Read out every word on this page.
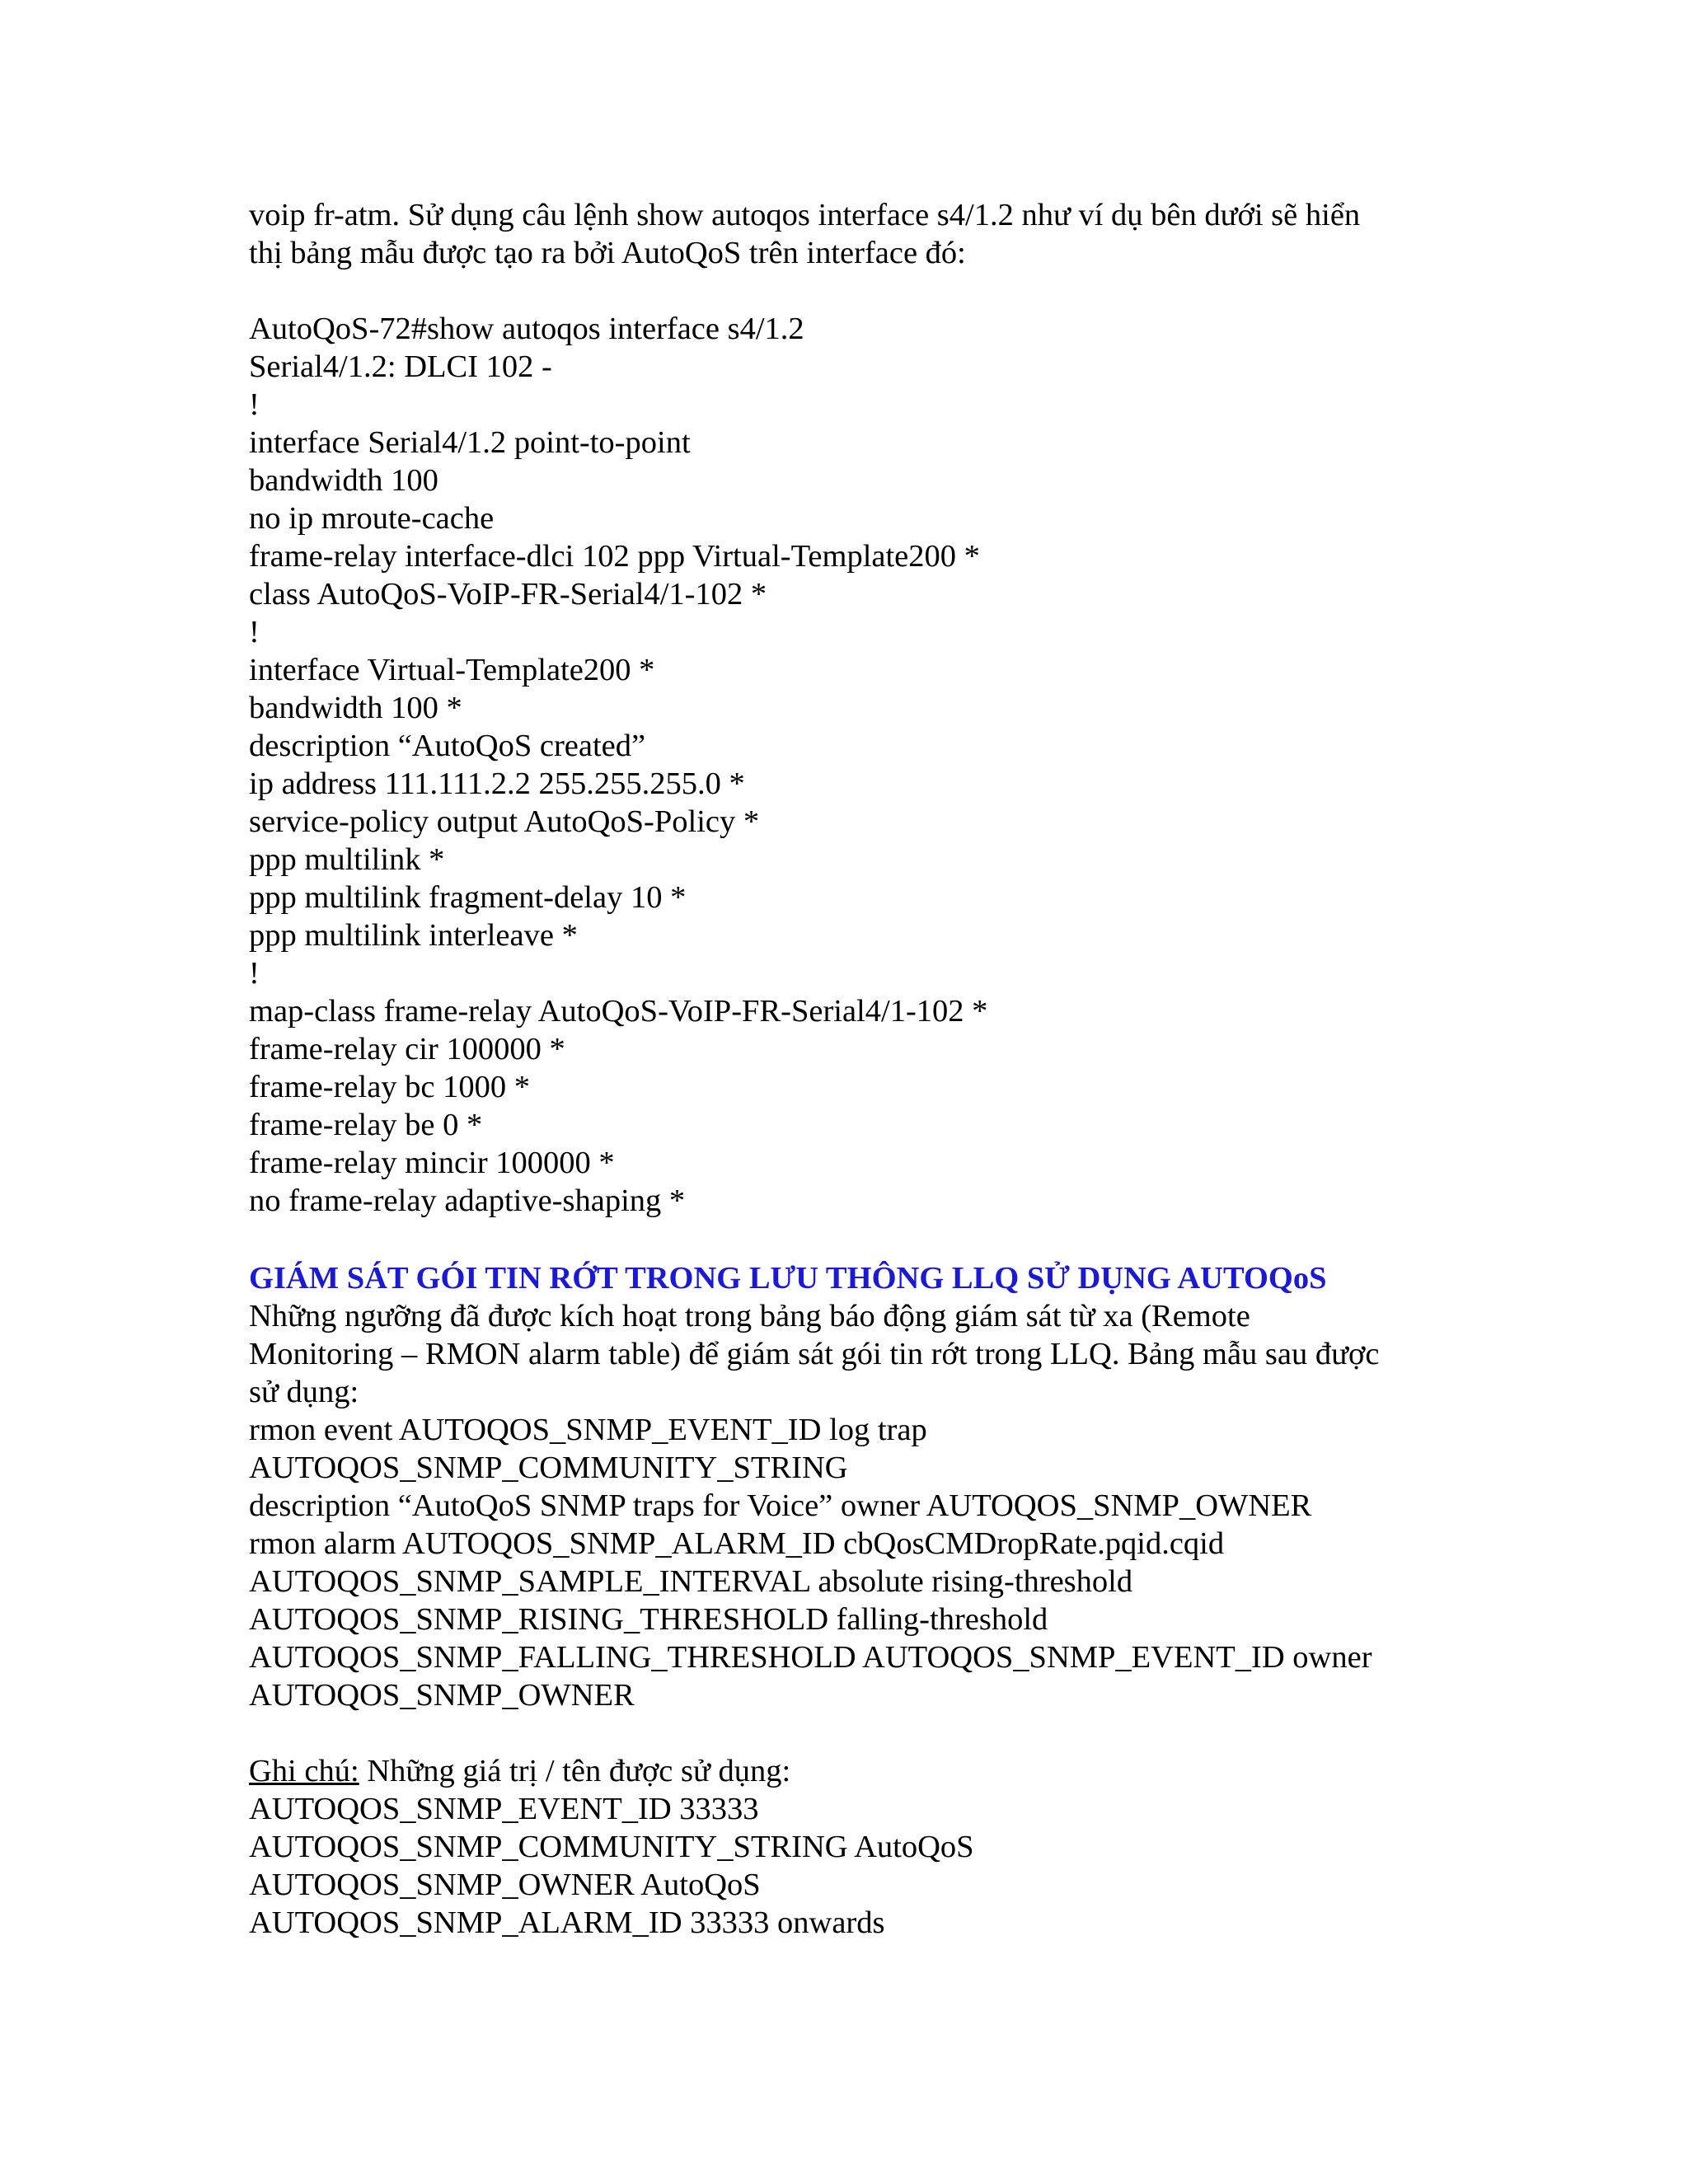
voip fr-atm. Sử dụng câu lệnh show autoqos interface s4/1.2 như ví dụ bên dưới sẽ hiển
thị bảng mẫu được tạo ra bởi AutoQoS trên interface đó:
AutoQoS-72#show autoqos interface s4/1.2
Serial4/1.2: DLCI 102 -
!
interface Serial4/1.2 point-to-point
bandwidth 100
no ip mroute-cache
frame-relay interface-dlci 102 ppp Virtual-Template200 *
class AutoQoS-VoIP-FR-Serial4/1-102 *
!
interface Virtual-Template200 *
bandwidth 100 *
description “AutoQoS created”
ip address 111.111.2.2 255.255.255.0 *
service-policy output AutoQoS-Policy *
ppp multilink *
ppp multilink fragment-delay 10 *
ppp multilink interleave *
!
map-class frame-relay AutoQoS-VoIP-FR-Serial4/1-102 *
frame-relay cir 100000 *
frame-relay bc 1000 *
frame-relay be 0 *
frame-relay mincir 100000 *
no frame-relay adaptive-shaping *
GIÁM SÁT GÓI TIN RỚT TRONG LƯU THÔNG LLQ SỬ DỤNG AUTOQoS
Những ngưỡng đã được kích hoạt trong bảng báo động giám sát từ xa (Remote
Monitoring – RMON alarm table) để giám sát gói tin rớt trong LLQ. Bảng mẫu sau được
sử dụng:
rmon event AUTOQOS_SNMP_EVENT_ID log trap
AUTOQOS_SNMP_COMMUNITY_STRING
description “AutoQoS SNMP traps for Voice” owner AUTOQOS_SNMP_OWNER
rmon alarm AUTOQOS_SNMP_ALARM_ID cbQosCMDropRate.pqid.cqid
AUTOQOS_SNMP_SAMPLE_INTERVAL absolute rising-threshold
AUTOQOS_SNMP_RISING_THRESHOLD falling-threshold
AUTOQOS_SNMP_FALLING_THRESHOLD AUTOQOS_SNMP_EVENT_ID owner
AUTOQOS_SNMP_OWNER
Ghi chú: Những giá trị / tên được sử dụng:
AUTOQOS_SNMP_EVENT_ID 33333
AUTOQOS_SNMP_COMMUNITY_STRING AutoQoS
AUTOQOS_SNMP_OWNER AutoQoS
AUTOQOS_SNMP_ALARM_ID 33333 onwards
